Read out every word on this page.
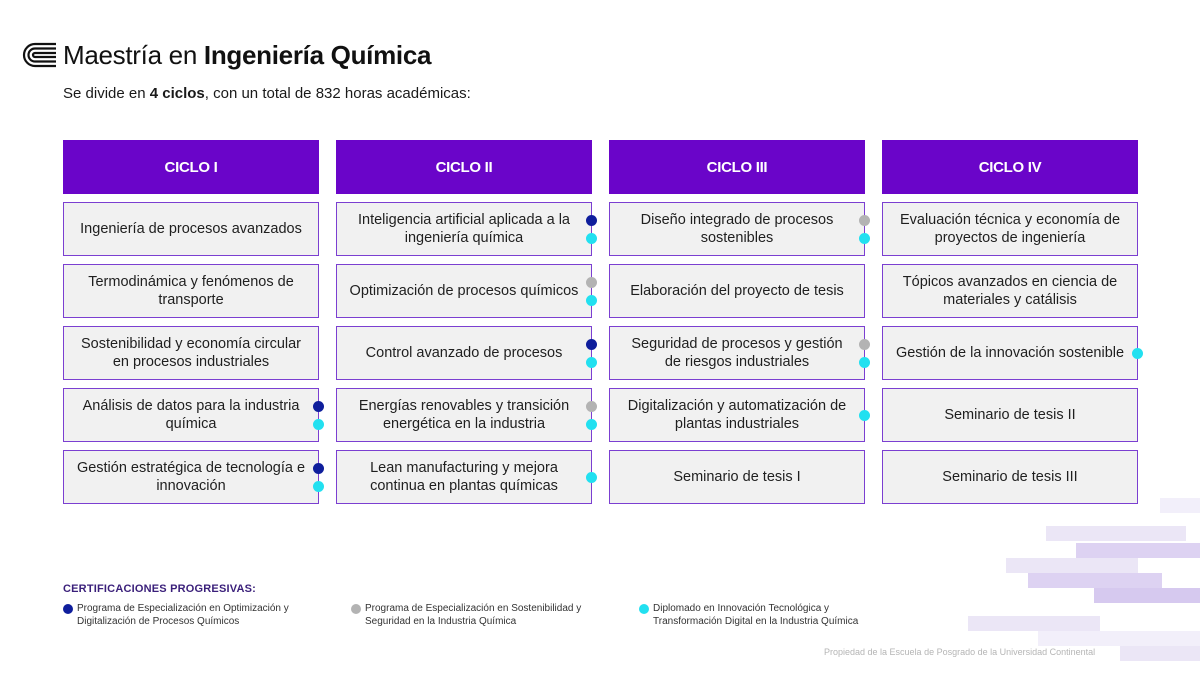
Maestría en Ingeniería Química
Se divide en 4 ciclos, con un total de 832 horas académicas:
CICLO I
Ingeniería de procesos avanzados
Termodinámica y fenómenos de transporte
Sostenibilidad y economía circular en procesos industriales
Análisis de datos para la industria química
Gestión estratégica de tecnología e innovación
CICLO II
Inteligencia artificial aplicada a la ingeniería química
Optimización de procesos químicos
Control avanzado de procesos
Energías renovables y transición energética en la industria
Lean manufacturing y mejora continua en plantas químicas
CICLO III
Diseño integrado de procesos sostenibles
Elaboración del proyecto de tesis
Seguridad de procesos y gestión de riesgos industriales
Digitalización y automatización de plantas industriales
Seminario de tesis I
CICLO IV
Evaluación técnica y economía de proyectos de ingeniería
Tópicos avanzados en ciencia de materiales y catálisis
Gestión de la innovación sostenible
Seminario de tesis II
Seminario de tesis III
CERTIFICACIONES PROGRESIVAS:
Programa de Especialización en Optimización y Digitalización de Procesos Químicos
Programa de Especialización en Sostenibilidad y Seguridad en la Industria Química
Diplomado en Innovación Tecnológica y Transformación Digital en la Industria Química
Propiedad de la Escuela de Posgrado de la Universidad Continental
